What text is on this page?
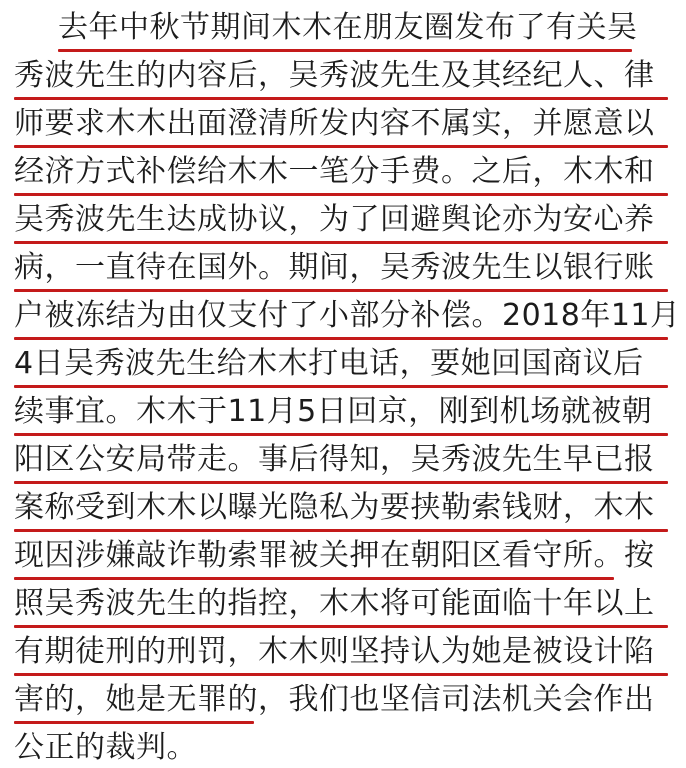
去年中秋节期间木木在朋友圈发布了有关吴
秀波先生的内容后，吴秀波先生及其经纪人、律
师要求木木出面澄清所发内容不属实，并愿意以
经济方式补偿给木木一笔分手费。之后，木木和
吴秀波先生达成协议，为了回避舆论亦为安心养
病，一直待在国外。期间，吴秀波先生以银行账
户被冻结为由仅支付了小部分补偿。2018年11月
4日吴秀波先生给木木打电话，要她回国商议后
续事宜。木木于11月5日回京，刚到机场就被朝
阳区公安局带走。事后得知，吴秀波先生早已报
案称受到木木以曝光隐私为要挟勒索钱财，木木
现因涉嫌敲诈勒索罪被关押在朝阳区看守所。按
照吴秀波先生的指控，木木将可能面临十年以上
有期徒刑的刑罚，木木则坚持认为她是被设计陷
害的，她是无罪的，我们也坚信司法机关会作出
公正的裁判。
